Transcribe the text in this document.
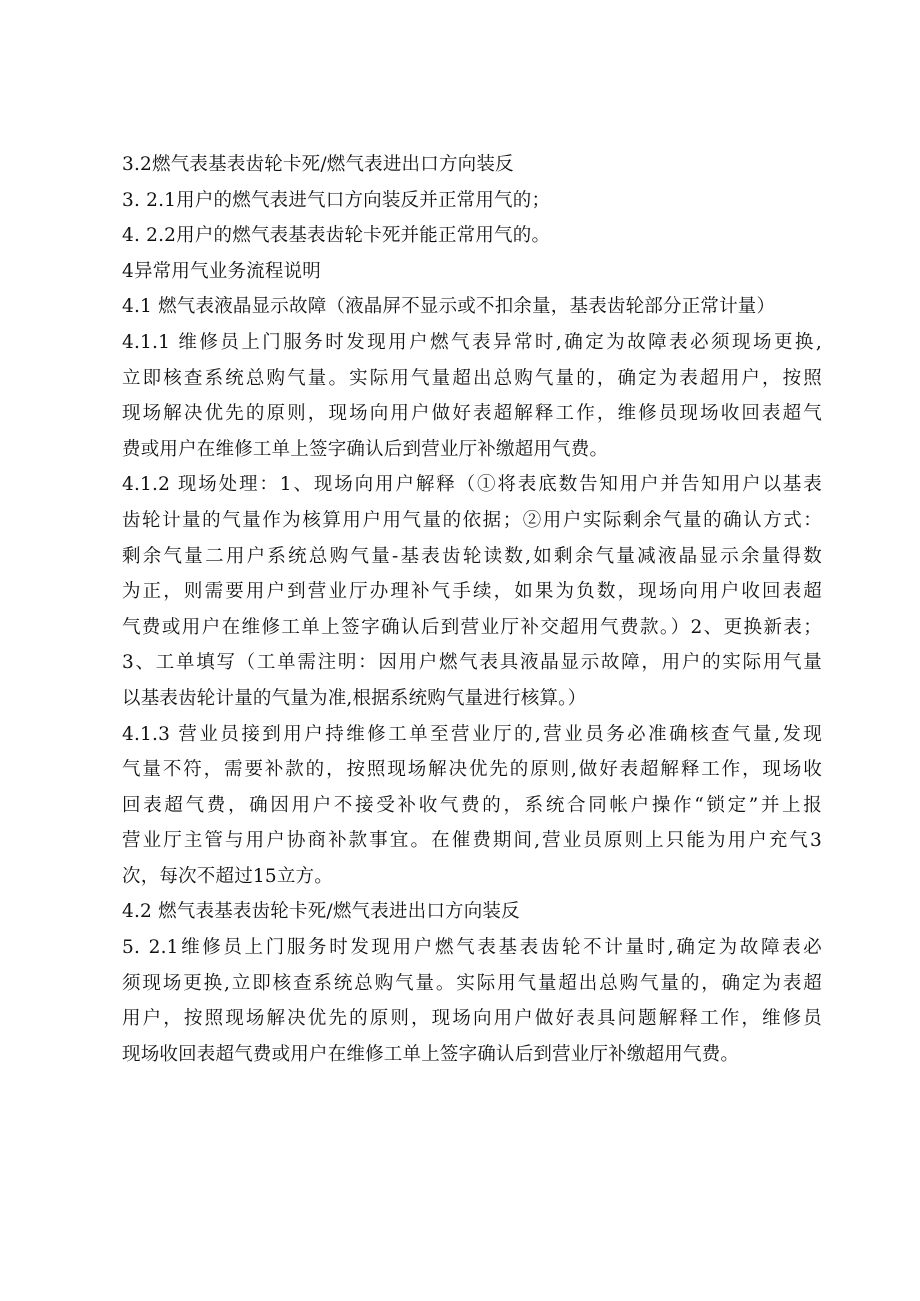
3.2燃气表基表齿轮卡死/燃气表进出口方向装反
3. 2.1用户的燃气表进气口方向装反并正常用气的；
4. 2.2用户的燃气表基表齿轮卡死并能正常用气的。
4异常用气业务流程说明
4.1 燃气表液晶显示故障（液晶屏不显示或不扣余量，基表齿轮部分正常计量）
4.1.1 维修员上门服务时发现用户燃气表异常时,确定为故障表必须现场更换,
立即核查系统总购气量。实际用气量超出总购气量的，确定为表超用户，按照
现场解决优先的原则，现场向用户做好表超解释工作，维修员现场收回表超气
费或用户在维修工单上签字确认后到营业厅补缴超用气费。
4.1.2 现场处理：1、现场向用户解释（①将表底数告知用户并告知用户以基表
齿轮计量的气量作为核算用户用气量的依据；②用户实际剩余气量的确认方式：
剩余气量二用户系统总购气量-基表齿轮读数,如剩余气量减液晶显示余量得数
为正，则需要用户到营业厅办理补气手续，如果为负数，现场向用户收回表超
气费或用户在维修工单上签字确认后到营业厅补交超用气费款。）2、更换新表；
3、工单填写（工单需注明：因用户燃气表具液晶显示故障，用户的实际用气量
以基表齿轮计量的气量为准,根据系统购气量进行核算。）
4.1.3 营业员接到用户持维修工单至营业厅的,营业员务必准确核查气量,发现
气量不符，需要补款的，按照现场解决优先的原则,做好表超解释工作，现场收
回表超气费，确因用户不接受补收气费的，系统合同帐户操作“锁定”并上报
营业厅主管与用户协商补款事宜。在催费期间,营业员原则上只能为用户充气3
次，每次不超过15立方。
4.2 燃气表基表齿轮卡死/燃气表进出口方向装反
5. 2.1维修员上门服务时发现用户燃气表基表齿轮不计量时,确定为故障表必
须现场更换,立即核查系统总购气量。实际用气量超出总购气量的，确定为表超
用户，按照现场解决优先的原则，现场向用户做好表具问题解释工作，维修员
现场收回表超气费或用户在维修工单上签字确认后到营业厅补缴超用气费。
